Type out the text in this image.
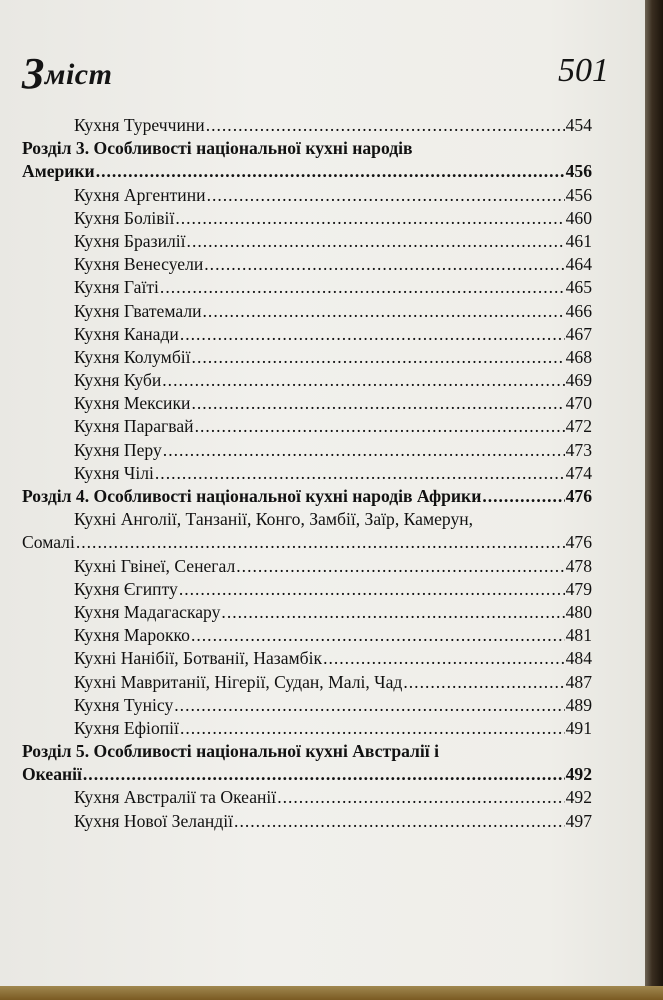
Зміст	501
Кухня Туреччини .....	454
Розділ 3. Особливості національної кухні народів
Америки .....	456
Кухня Аргентини .....	456
Кухня Болівії .....	460
Кухня Бразилії .....	461
Кухня Венесуели .....	464
Кухня Гаїті .....	465
Кухня Гватемали .....	466
Кухня Канади .....	467
Кухня Колумбії .....	468
Кухня Куби .....	469
Кухня Мексики .....	470
Кухня Парагвай .....	472
Кухня Перу .....	473
Кухня Чілі .....	474
Розділ 4. Особливості національної кухні народів Африки .....	476
Кухні Анголії, Танзанії, Конго, Замбії, Заїр, Камерун,
Сомалі .....	476
Кухні Гвінеї, Сенегал .....	478
Кухня Єгипту .....	479
Кухня Мадагаскару .....	480
Кухня Марокко .....	481
Кухні Нанібії, Ботванії, Назамбік .....	484
Кухні Мавританії, Нігерії, Судан, Малі, Чад .....	487
Кухня Тунісу .....	489
Кухня Ефіопії .....	491
Розділ 5. Особливості національної кухні Австралії і
Океанії .....	492
Кухня Австралії та Океанії .....	492
Кухня Нової Зеландії .....	497
